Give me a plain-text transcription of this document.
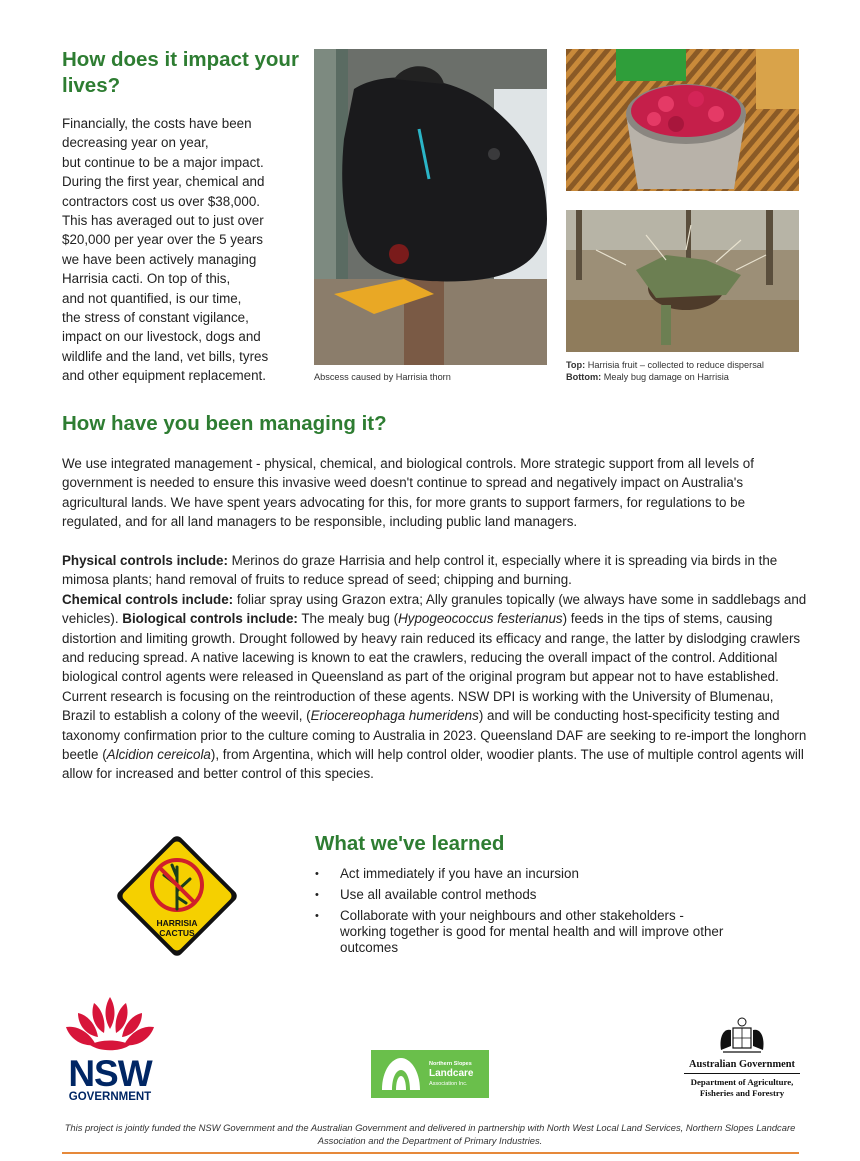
How does it impact your lives?
Financially, the costs have been
decreasing year on year,
but continue to be a major impact.
During the first year, chemical and
contractors cost us over $38,000.
This has averaged out to just over
$20,000 per year over the 5 years
we have been actively managing
Harrisia cacti. On top of this,
and not quantified, is our time,
the stress of constant vigilance,
impact on our livestock, dogs and
wildlife and the land, vet bills, tyres
and other equipment replacement.	Abscess caused by Harrisia thorn
Top: Harrisia fruit – collected to reduce dispersal
Bottom: Mealy bug damage on Harrisia
How have you been managing it?
We use integrated management - physical, chemical, and biological controls. More strategic support from all levels of government is needed to ensure this invasive weed doesn't continue to spread and negatively impact on Australia's agricultural lands. We have spent years advocating for this, for more grants to support farmers, for regulations to be regulated, and for all land managers to be responsible, including public land managers.

Physical controls include: Merinos do graze Harrisia and help control it, especially where it is spreading via birds in the mimosa plants; hand removal of fruits to reduce spread of seed; chipping and burning.

Chemical controls include: foliar spray using Grazon extra; Ally granules topically (we always have some in saddlebags and vehicles). Biological controls include: The mealy bug (Hypogeococcus festerianus) feeds in the tips of stems, causing distortion and limiting growth. Drought followed by heavy rain reduced its efficacy and range, the latter by dislodging crawlers and reducing spread. A native lacewing is known to eat the crawlers, reducing the overall impact of the control. Additional biological control agents were released in Queensland as part of the original program but appear not to have established. Current research is focusing on the reintroduction of these agents. NSW DPI is working with the University of Blumenau, Brazil to establish a colony of the weevil, (Eriocereophaga humeridens) and will be conducting host-specificity testing and taxonomy confirmation prior to the culture coming to Australia in 2023. Queensland DAF are seeking to re-import the longhorn beetle (Alcidion cereicola), from Argentina, which will help control older, woodier plants. The use of multiple control agents will allow for increased and better control of this species.

HARRISIA
CACTUS
What we've learned
• Act immediately if you have an incursion
• Use all available control methods
• Collaborate with your neighbours and other stakeholders - working together is good for mental health and will improve other outcomes
NSW
GOVERNMENT
Northern Slopes
Landcare
Association Inc.
Australian Government
Department of Agriculture,
Fisheries and Forestry
This project is jointly funded the NSW Government and the Australian Government and delivered in partnership with North West Local Land Services, Northern Slopes Landcare Association and the Department of Primary Industries.
